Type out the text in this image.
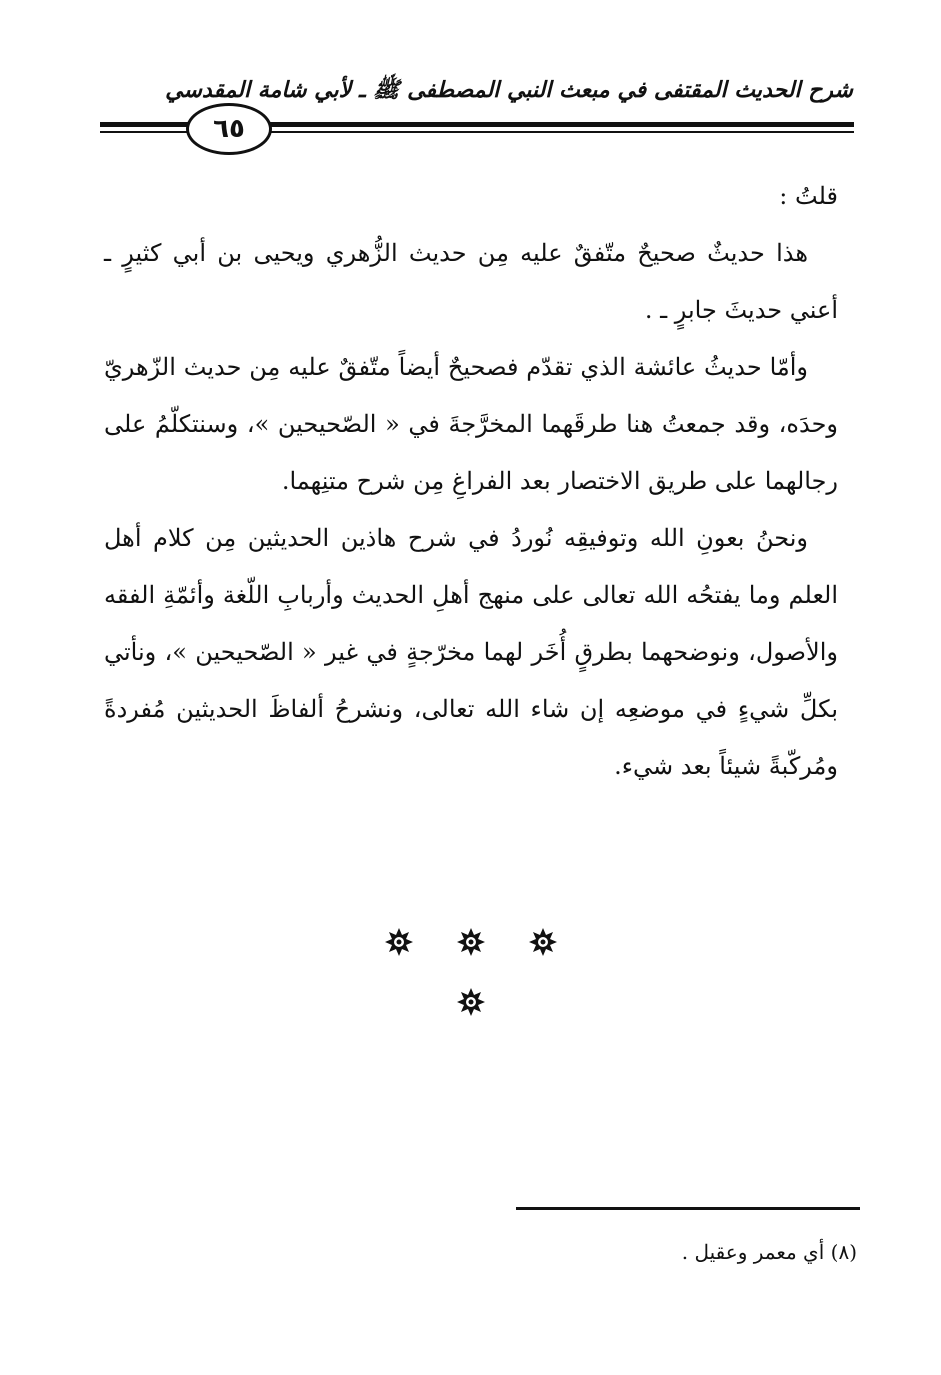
شرح الحديث المقتفى في مبعث النبي المصطفى ﷺ ـ لأبي شامة المقدسي
٦٥

قلتُ :

هذا حديثٌ صحيحٌ متّفقٌ عليه مِن حديث الزُّهري ويحيى بن أبي كثيرٍ ـ أعني حديثَ جابرٍ ـ .

وأمّا حديثُ عائشة الذي تقدّم فصحيحٌ أيضاً متّفقٌ عليه مِن حديث الزّهريّ وحدَه، وقد جمعتُ هنا طرقَهما المخرَّجةَ في « الصّحيحين »، وسنتكلّمُ على رجالهما على طريق الاختصار بعد الفراغِ مِن شرح متنِهما.

ونحنُ بعونِ الله وتوفيقِه نُوردُ في شرح هاذين الحديثين مِن كلام أهل العلم وما يفتحُه الله تعالى على منهج أهلِ الحديث وأربابِ اللّغة وأئمّةِ الفقه والأصول، ونوضحهما بطرقٍ أُخَر لهما مخرّجةٍ في غير « الصّحيحين »، ونأتي بكلِّ شيءٍ في موضعِه إن شاء الله تعالى، ونشرحُ ألفاظَ الحديثين مُفردةً ومُركّبةً شيئاً بعد شيء.

(٨) أي معمر وعقيل .
